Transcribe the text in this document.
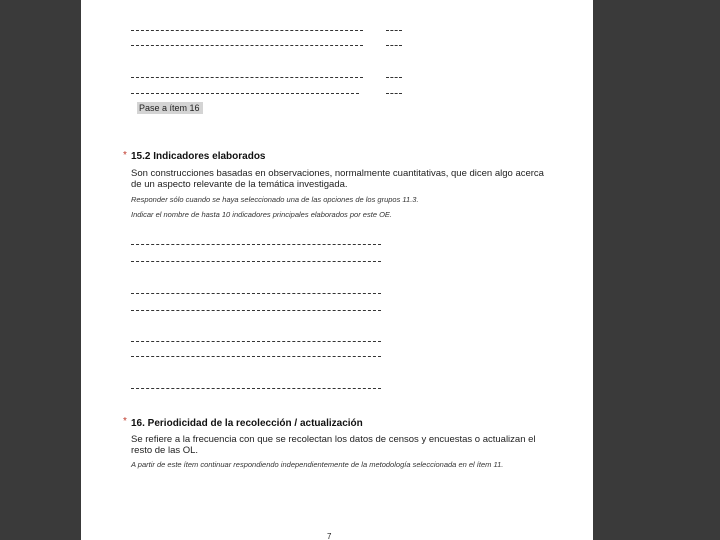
Pase a ítem 16
* 15.2 Indicadores elaborados
Son construcciones basadas en observaciones, normalmente cuantitativas, que dicen algo acerca de un aspecto relevante de la temática investigada.
Responder sólo cuando se haya seleccionado una de las opciones de los grupos 11.3.
Indicar el nombre de hasta 10 indicadores principales elaborados por este OE.
* 16. Periodicidad de la recolección / actualización
Se refiere a la frecuencia con que se recolectan los datos de censos y encuestas o actualizan el resto de las OL.
A partir de este ítem continuar respondiendo independientemente de la metodología seleccionada en el ítem 11.
7
